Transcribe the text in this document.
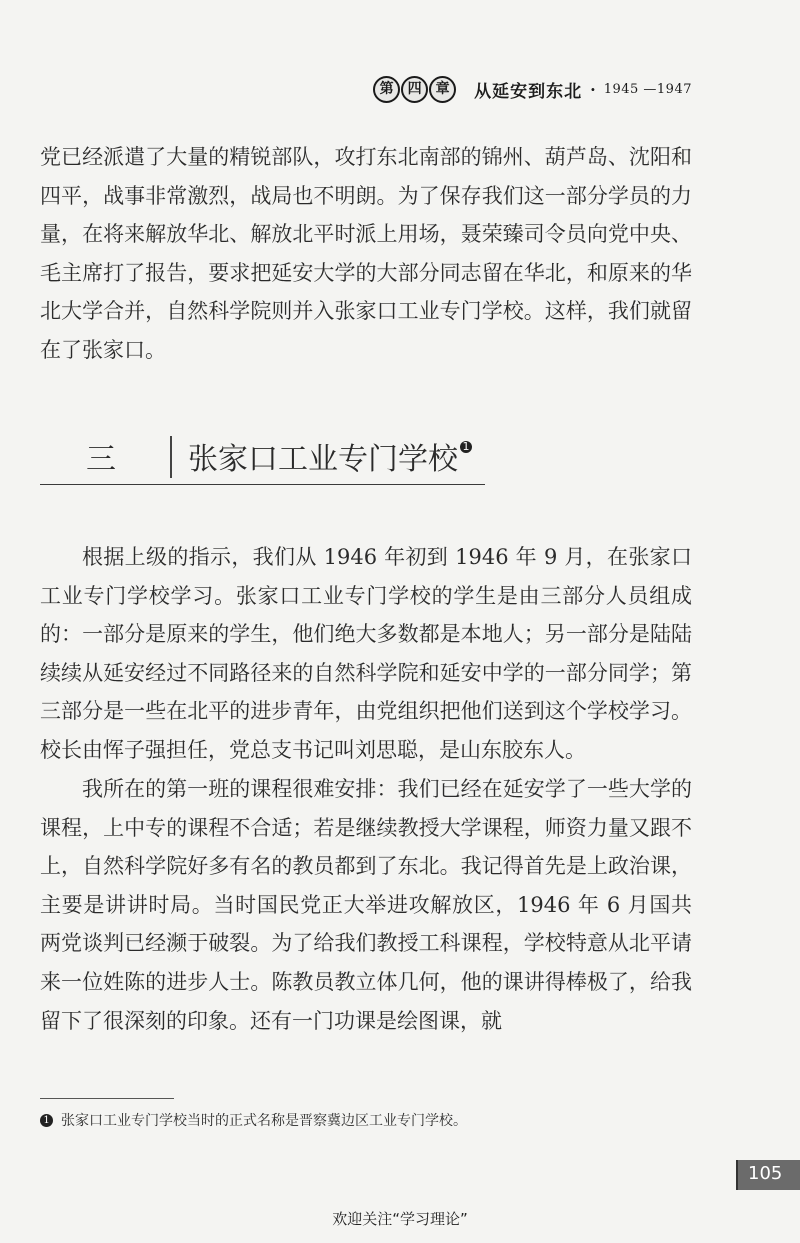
第	四	章	从延安到东北 · 1945 —1947

党已经派遣了大量的精锐部队，攻打东北南部的锦州、葫芦岛、沈阳和四平，战事非常激烈，战局也不明朗。为了保存我们这一部分学员的力量，在将来解放华北、解放北平时派上用场，聂荣臻司令员向党中央、毛主席打了报告，要求把延安大学的大部分同志留在华北，和原来的华北大学合并，自然科学院则并入张家口工业专门学校。这样，我们就留在了张家口。

三 张家口工业专门学校 1

根据上级的指示，我们从 1946 年初到 1946 年 9 月，在张家口工业专门学校学习。张家口工业专门学校的学生是由三部分人员组成的：一部分是原来的学生，他们绝大多数都是本地人；另一部分是陆陆续续从延安经过不同路径来的自然科学院和延安中学的一部分同学；第三部分是一些在北平的进步青年，由党组织把他们送到这个学校学习。校长由恽子强担任，党总支书记叫刘思聪，是山东胶东人。

我所在的第一班的课程很难安排：我们已经在延安学了一些大学的课程，上中专的课程不合适；若是继续教授大学课程，师资力量又跟不上，自然科学院好多有名的教员都到了东北。我记得首先是上政治课，主要是讲讲时局。当时国民党正大举进攻解放区，1946 年 6 月国共两党谈判已经濒于破裂。为了给我们教授工科课程，学校特意从北平请来一位姓陈的进步人士。陈教员教立体几何，他的课讲得棒极了，给我留下了很深刻的印象。还有一门功课是绘图课，就

1 张家口工业专门学校当时的正式名称是晋察冀边区工业专门学校。
105
欢迎关注“学习理论”
